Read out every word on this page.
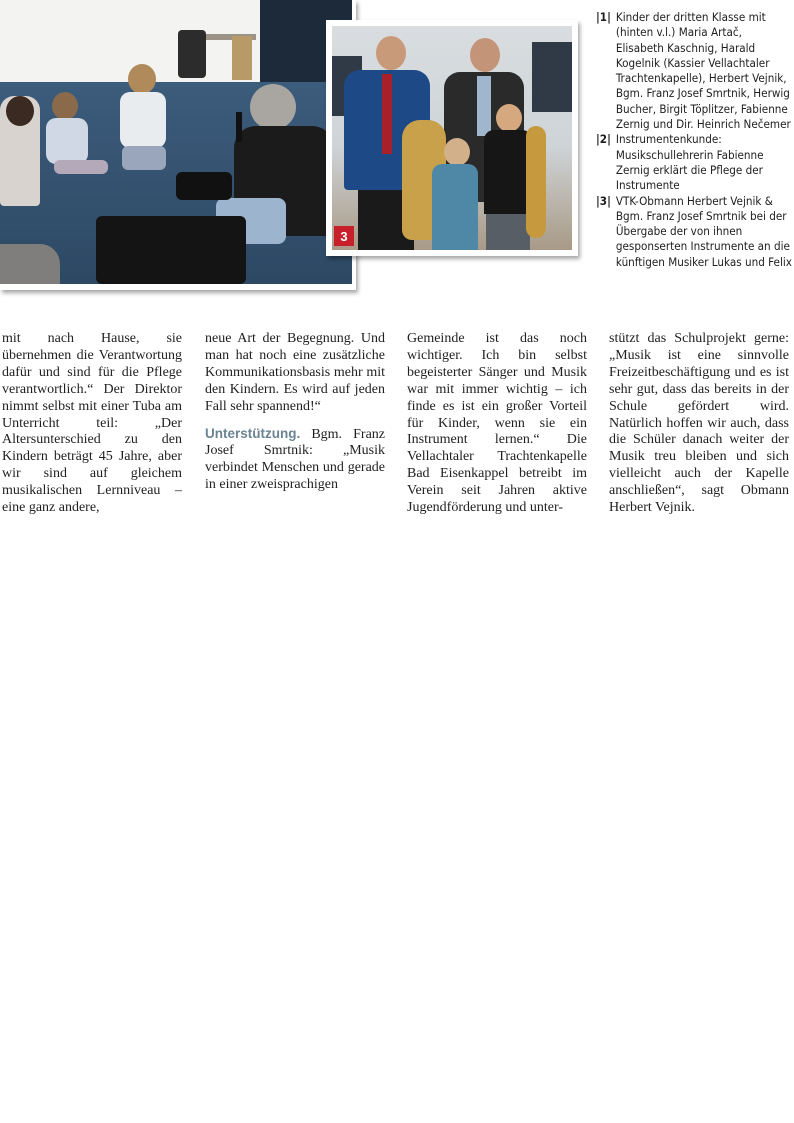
3
|1| Kinder der dritten Klasse mit (hinten v.l.) Maria Artač, Elisabeth Kaschnig, Harald Kogelnik (Kassier Vellachtaler Trachtenkapelle), Herbert Vejnik, Bgm. Franz Josef Smrtnik, Herwig Bucher, Birgit Töplitzer, Fabienne Zernig und Dir. Heinrich Nečemer
|2| Instrumentenkunde: Musikschullehrerin Fabienne Zernig erklärt die Pflege der Instrumente
|3| VTK-Obmann Herbert Vejnik & Bgm. Franz Josef Smrtnik bei der Übergabe der von ihnen gesponserten Instrumente an die künftigen Musiker Lukas und Felix

mit nach Hause, sie übernehmen die Verantwortung dafür und sind für die Pflege verantwortlich.“ Der Direktor nimmt selbst mit einer Tuba am Unterricht teil: „Der Altersunterschied zu den Kindern beträgt 45 Jahre, aber wir sind auf gleichem musikalischen Lernniveau – eine ganz andere,

neue Art der Begegnung. Und man hat noch eine zusätzliche Kommunikationsbasis mehr mit den Kindern. Es wird auf jeden Fall sehr spannend!“

Unterstützung. Bgm. Franz Josef Smrtnik: „Musik verbindet Menschen und gerade in einer zweisprachigen

Gemeinde ist das noch wichtiger. Ich bin selbst begeisterter Sänger und Musik war mit immer wichtig – ich finde es ist ein großer Vorteil für Kinder, wenn sie ein Instrument lernen.“ Die Vellachtaler Trachtenkapelle Bad Eisenkappel betreibt im Verein seit Jahren aktive Jugendförderung und unter-

stützt das Schulprojekt gerne: „Musik ist eine sinnvolle Freizeitbeschäftigung und es ist sehr gut, dass das bereits in der Schule gefördert wird. Natürlich hoffen wir auch, dass die Schüler danach weiter der Musik treu bleiben und sich vielleicht auch der Kapelle anschließen“, sagt Obmann Herbert Vejnik.
